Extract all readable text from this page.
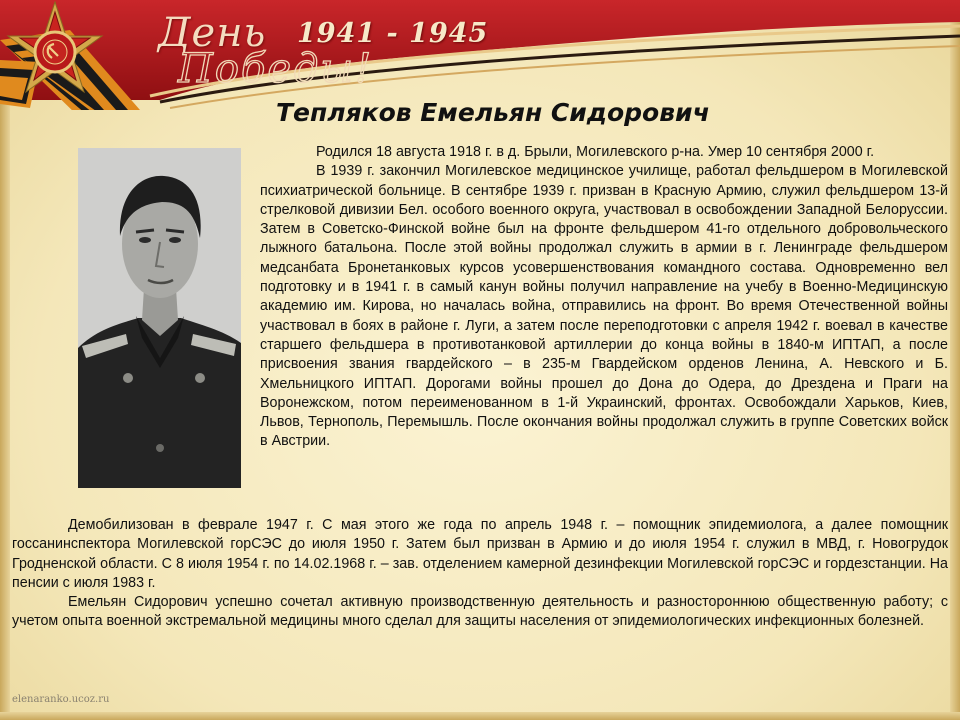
День
Победы!
1941 - 1945
Тепляков Емельян Сидорович

Родился 18 августа 1918 г. в д. Брыли, Могилевского р-на. Умер 10 сентября 2000 г.

В 1939 г. закончил Могилевское медицинское училище, работал фельдшером в Могилевской психиатрической больнице. В сентябре 1939 г. призван в Красную Армию, служил фельдшером 13-й стрелковой дивизии Бел. особого военного округа, участвовал в освобождении Западной Белоруссии. Затем в Советско-Финской войне был на фронте фельдшером 41-го отдельного добровольческого лыжного батальона. После этой войны продолжал служить в армии в г. Ленинграде фельдшером медсанбата Бронетанковых курсов усовершенствования командного состава. Одновременно вел подготовку и в 1941 г. в самый канун войны получил направление на учебу в Военно-Медицинскую академию им. Кирова, но началась война, отправились на фронт. Во время Отечественной войны участвовал в боях в районе г. Луги, а затем после переподготовки с апреля 1942 г. воевал в качестве старшего фельдшера в противотанковой артиллерии до конца войны в 1840-м ИПТАП, а после присвоения звания гвардейского – в 235-м Гвардейском орденов Ленина, А. Невского и Б. Хмельницкого ИПТАП. Дорогами войны прошел до Дона до Одера, до Дрездена и Праги на Воронежском, потом переименованном в 1-й Украинский, фронтах. Освобождали Харьков, Киев, Львов, Тернополь, Перемышль. После окончания войны продолжал служить в группе Советских войск в Австрии.

Демобилизован в феврале 1947 г. С мая этого же года по апрель 1948 г. – помощник эпидемиолога, а далее помощник госсанинспектора Могилевской горСЭС до июля 1950 г. Затем был призван в Армию и до июля 1954 г. служил в МВД, г. Новогрудок Гродненской области. С 8 июля 1954 г. по 14.02.1968 г. – зав. отделением камерной дезинфекции Могилевской горСЭС и гордезстанции. На пенсии с июля 1983 г.

Емельян Сидорович успешно сочетал активную производственную деятельность и разностороннюю общественную работу; с учетом опыта военной экстремальной медицины много сделал для защиты населения от эпидемиологических инфекционных болезней.

elenaranko.ucoz.ru
